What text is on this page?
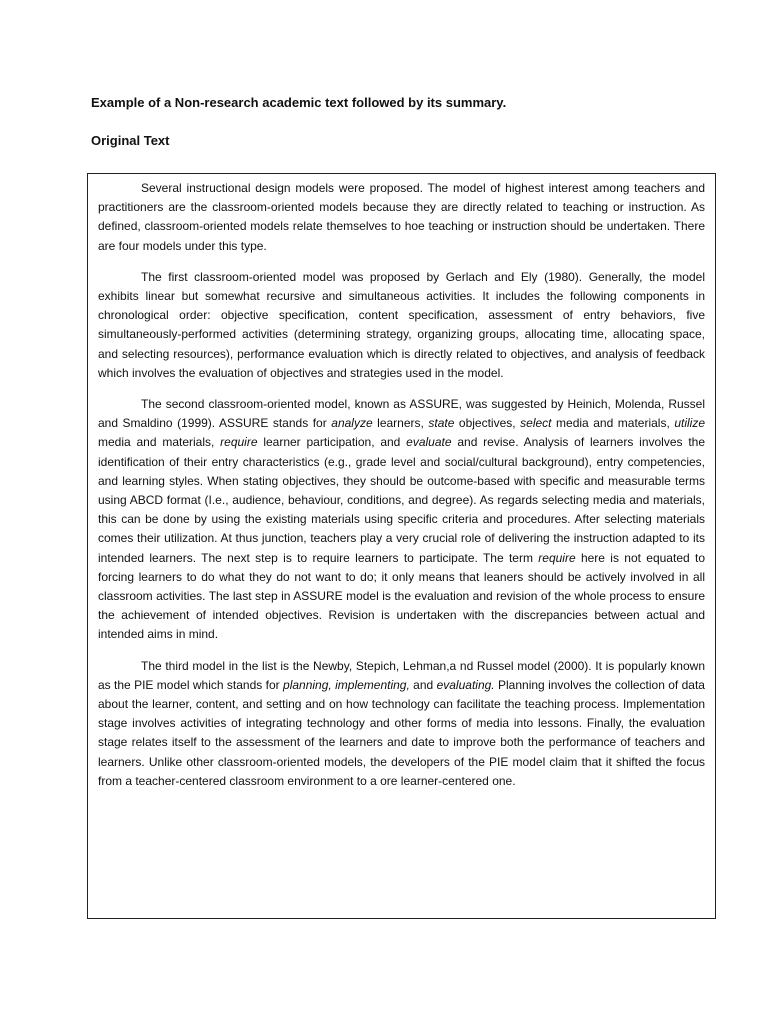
Example of a Non-research academic text followed by its summary.
Original Text

Several instructional design models were proposed. The model of highest interest among teachers and practitioners are the classroom-oriented models because they are directly related to teaching or instruction. As defined, classroom-oriented models relate themselves to hoe teaching or instruction should be undertaken. There are four models under this type.

The first classroom-oriented model was proposed by Gerlach and Ely (1980). Generally, the model exhibits linear but somewhat recursive and simultaneous activities. It includes the following components in chronological order: objective specification, content specification, assessment of entry behaviors, five simultaneously-performed activities (determining strategy, organizing groups, allocating time, allocating space, and selecting resources), performance evaluation which is directly related to objectives, and analysis of feedback which involves the evaluation of objectives and strategies used in the model.

The second classroom-oriented model, known as ASSURE, was suggested by Heinich, Molenda, Russel and Smaldino (1999). ASSURE stands for analyze learners, state objectives, select media and materials, utilize media and materials, require learner participation, and evaluate and revise. Analysis of learners involves the identification of their entry characteristics (e.g., grade level and social/cultural background), entry competencies, and learning styles. When stating objectives, they should be outcome-based with specific and measurable terms using ABCD format (I.e., audience, behaviour, conditions, and degree). As regards selecting media and materials, this can be done by using the existing materials using specific criteria and procedures. After selecting materials comes their utilization. At thus junction, teachers play a very crucial role of delivering the instruction adapted to its intended learners. The next step is to require learners to participate. The term require here is not equated to forcing learners to do what they do not want to do; it only means that leaners should be actively involved in all classroom activities. The last step in ASSURE model is the evaluation and revision of the whole process to ensure the achievement of intended objectives. Revision is undertaken with the discrepancies between actual and intended aims in mind.

The third model in the list is the Newby, Stepich, Lehman,a nd Russel model (2000). It is popularly known as the PIE model which stands for planning, implementing, and evaluating. Planning involves the collection of data about the learner, content, and setting and on how technology can facilitate the teaching process. Implementation stage involves activities of integrating technology and other forms of media into lessons. Finally, the evaluation stage relates itself to the assessment of the learners and date to improve both the performance of teachers and learners. Unlike other classroom-oriented models, the developers of the PIE model claim that it shifted the focus from a teacher-centered classroom environment to a ore learner-centered one.
